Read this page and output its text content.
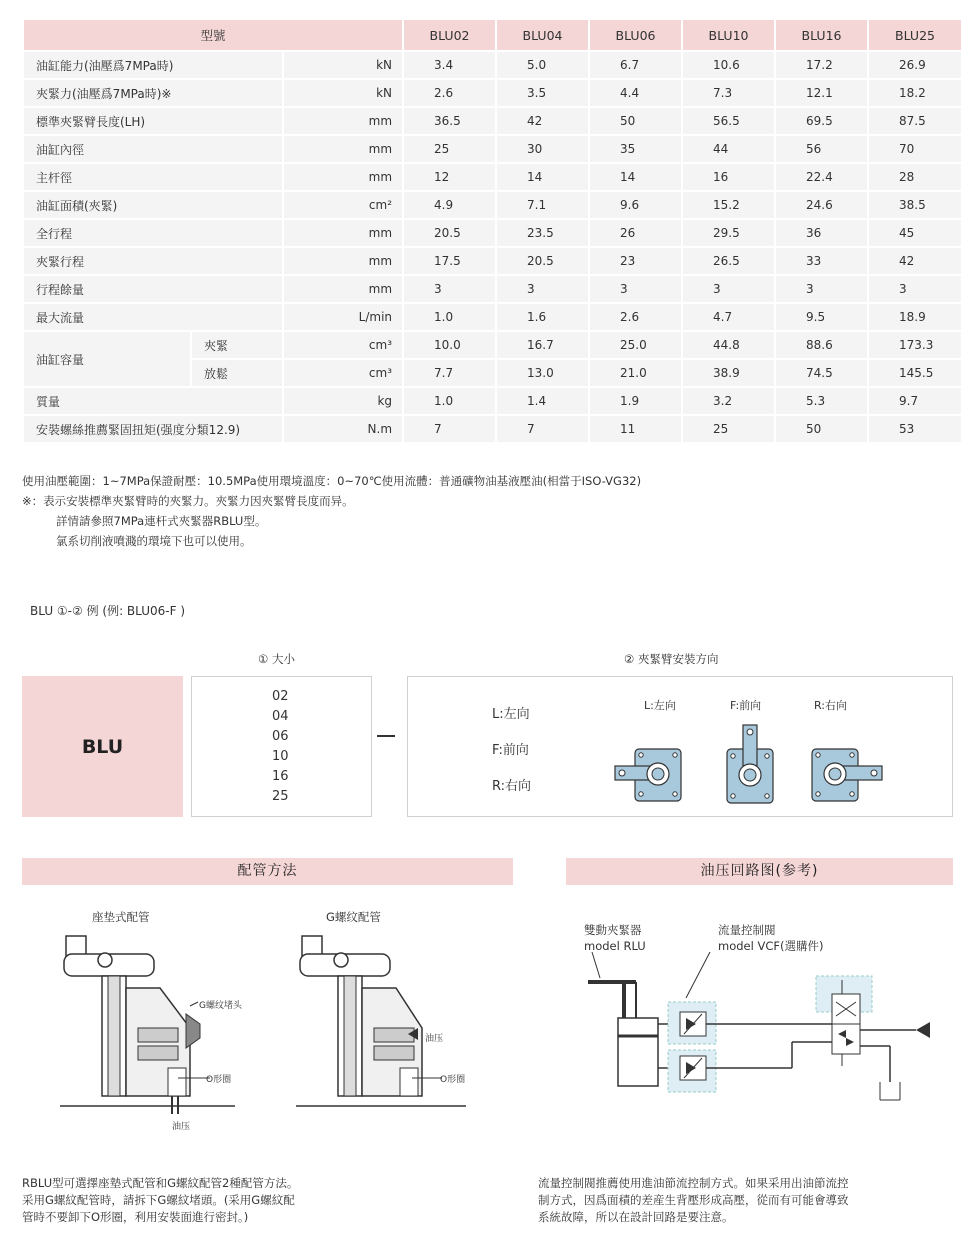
型號			BLU02	BLU04	BLU06	BLU10	BLU16	BLU25
油缸能力(油壓爲7MPa時)		kN	3.4	5.0	6.7	10.6	17.2	26.9
夾緊力(油壓爲7MPa時)※		kN	2.6	3.5	4.4	7.3	12.1	18.2
標準夾緊臂長度(LH)		mm	36.5	42	50	56.5	69.5	87.5
油缸內徑		mm	25	30	35	44	56	70
主杆徑		mm	12	14	14	16	22.4	28
油缸面積(夾緊)		cm²	4.9	7.1	9.6	15.2	24.6	38.5
全行程		mm	20.5	23.5	26	29.5	36	45
夾緊行程		mm	17.5	20.5	23	26.5	33	42
行程餘量		mm	3	3	3	3	3	3
最大流量		L/min	1.0	1.6	2.6	4.7	9.5	18.9
油缸容量	夾緊	cm³	10.0	16.7	25.0	44.8	88.6	173.3
	放鬆	cm³	7.7	13.0	21.0	38.9	74.5	145.5
質量		kg	1.0	1.4	1.9	3.2	5.3	9.7
安裝螺絲推薦緊固扭矩(强度分類12.9)		N.m	7	7	11	25	50	53
使用油壓範圍：1~7MPa保證耐壓：10.5MPa使用環境溫度：0~70℃使用流體：普通礦物油基液壓油(相當于ISO-VG32)
※：表示安裝標準夾緊臂時的夾緊力。夾緊力因夾緊臂長度而异。
詳情請參照7MPa連杆式夾緊器RBLU型。
氯系切削液噴濺的環境下也可以使用。
BLU ①-② 例 (例: BLU06-F )
① 大小	② 夾緊臂安裝方向
BLU
02
04
06
10
16
25
L:左向
F:前向
R:右向
L:左向	F:前向	R:右向
配管方法	油压回路图(参考)
座垫式配管	G螺纹配管
G螺纹堵头
O形圈
油压
油压
O形圈
RBLU型可選擇座墊式配管和G螺紋配管2種配管方法。
采用G螺紋配管時，請拆下G螺紋堵頭。(采用G螺紋配
管時不要卸下O形圈，利用安裝面進行密封。)
雙動夾緊器
model RLU
流量控制閥
model VCF(選購件)
流量控制閥推薦使用進油節流控制方式。如果采用出油節流控
制方式，因爲面積的差産生背壓形成高壓，從而有可能會導致
系統故障，所以在設計回路是要注意。
